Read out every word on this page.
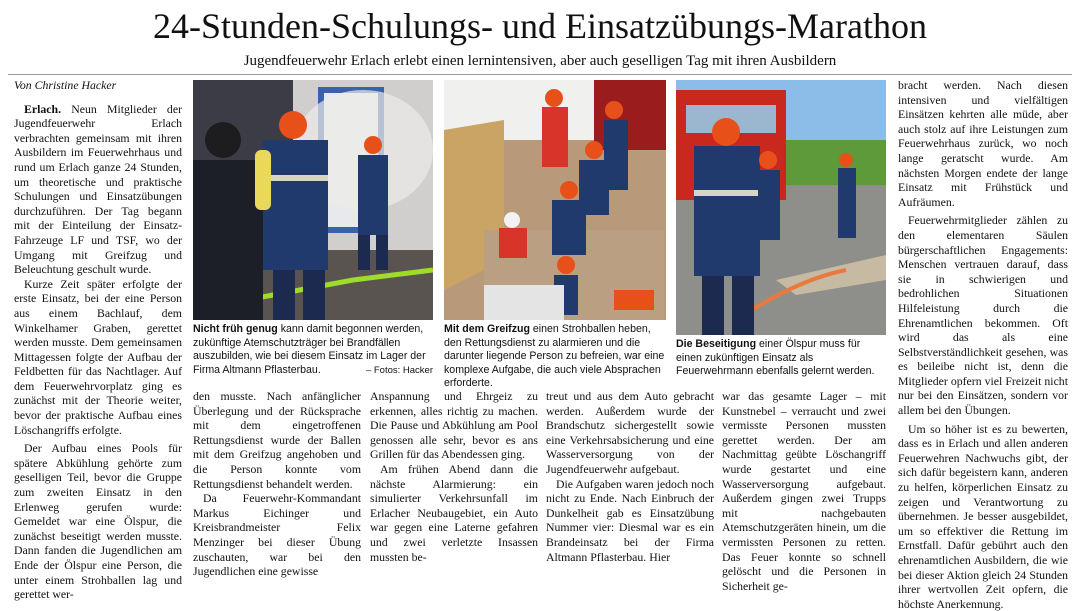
24-Stunden-Schulungs- und Einsatzübungs-Marathon
Jugendfeuerwehr Erlach erlebt einen lernintensiven, aber auch geselligen Tag mit ihren Ausbildern

Von Christine Hacker

Erlach. Neun Mitglieder der Jugendfeuerwehr Erlach verbrachten gemeinsam mit ihren Ausbildern im Feuerwehrhaus und rund um Erlach ganze 24 Stunden, um theoretische und praktische Schulungen und Einsatzübungen durchzuführen. Der Tag begann mit der Einteilung der Einsatz-Fahrzeuge LF und TSF, wo der Umgang mit Greifzug und Beleuchtung geschult wurde.

Kurze Zeit später erfolgte der erste Einsatz, bei der eine Person aus einem Bachlauf, dem Winkelhamer Graben, gerettet werden musste. Dem gemeinsamen Mittagessen folgte der Aufbau der Feldbetten für das Nachtlager. Auf dem Feuerwehrvorplatz ging es zunächst mit der Theorie weiter, bevor der praktische Aufbau eines Löschangriffs erfolgte.

Der Aufbau eines Pools für spätere Abkühlung gehörte zum geselligen Teil, bevor die Gruppe zum zweiten Einsatz in den Erlenweg gerufen wurde: Gemeldet war eine Ölspur, die zunächst beseitigt werden musste. Dann fanden die Jugendlichen am Ende der Ölspur eine Person, die unter einem Strohballen lag und gerettet wer-

Nicht früh genug kann damit begonnen werden, zukünftige Atemschutzträger bei Brandfällen auszubilden, wie bei diesem Einsatz im Lager der Firma Altmann Pflasterbau.	– Fotos: Hacker

Mit dem Greifzug einen Strohballen heben, den Rettungsdienst zu alarmieren und die darunter liegende Person zu befreien, war eine komplexe Aufgabe, die auch viele Absprachen erforderte.

Die Beseitigung einer Ölspur muss für einen zukünftigen Einsatz als Feuerwehrmann ebenfalls gelernt werden.

den musste. Nach anfänglicher Überlegung und der Rücksprache mit dem eingetroffenen Rettungsdienst wurde der Ballen mit dem Greifzug angehoben und die Person konnte vom Rettungsdienst behandelt werden.

Da Feuerwehr-Kommandant Markus Eichinger und Kreisbrandmeister Felix Menzinger bei dieser Übung zuschauten, war bei den Jugendlichen eine gewisse

Anspannung und Ehrgeiz zu erkennen, alles richtig zu machen. Die Pause und Abkühlung am Pool genossen alle sehr, bevor es ans Grillen für das Abendessen ging.

Am frühen Abend dann die nächste Alarmierung: ein simulierter Verkehrsunfall im Erlacher Neubaugebiet, ein Auto war gegen eine Laterne gefahren und zwei verletzte Insassen mussten be-

treut und aus dem Auto gebracht werden. Außerdem wurde der Brandschutz sichergestellt sowie eine Verkehrsabsicherung und eine Wasserversorgung von der Jugendfeuerwehr aufgebaut.

Die Aufgaben waren jedoch noch nicht zu Ende. Nach Einbruch der Dunkelheit gab es Einsatzübung Nummer vier: Diesmal war es ein Brandeinsatz bei der Firma Altmann Pflasterbau. Hier

war das gesamte Lager – mit Kunstnebel – verraucht und zwei vermisste Personen mussten gerettet werden. Der am Nachmittag geübte Löschangriff wurde gestartet und eine Wasserversorgung aufgebaut. Außerdem gingen zwei Trupps mit nachgebauten Atemschutzgeräten hinein, um die vermissten Personen zu retten. Das Feuer konnte so schnell gelöscht und die Personen in Sicherheit ge-

bracht werden. Nach diesen intensiven und vielfältigen Einsätzen kehrten alle müde, aber auch stolz auf ihre Leistungen zum Feuerwehrhaus zurück, wo noch lange geratscht wurde. Am nächsten Morgen endete der lange Einsatz mit Frühstück und Aufräumen.

Feuerwehrmitglieder zählen zu den elementaren Säulen bürgerschaftlichen Engagements: Menschen vertrauen darauf, dass sie in schwierigen und bedrohlichen Situationen Hilfeleistung durch die Ehrenamtlichen bekommen. Oft wird das als eine Selbstverständlichkeit gesehen, was es beileibe nicht ist, denn die Mitglieder opfern viel Freizeit nicht nur bei den Einsätzen, sondern vor allem bei den Übungen.

Um so höher ist es zu bewerten, dass es in Erlach und allen anderen Feuerwehren Nachwuchs gibt, der sich dafür begeistern kann, anderen zu helfen, körperlichen Einsatz zu zeigen und Verantwortung zu übernehmen. Je besser ausgebildet, um so effektiver die Rettung im Ernstfall. Dafür gebührt auch den ehrenamtlichen Ausbildern, die wie bei dieser Aktion gleich 24 Stunden ihrer wertvollen Zeit opfern, die höchste Anerkennung.
